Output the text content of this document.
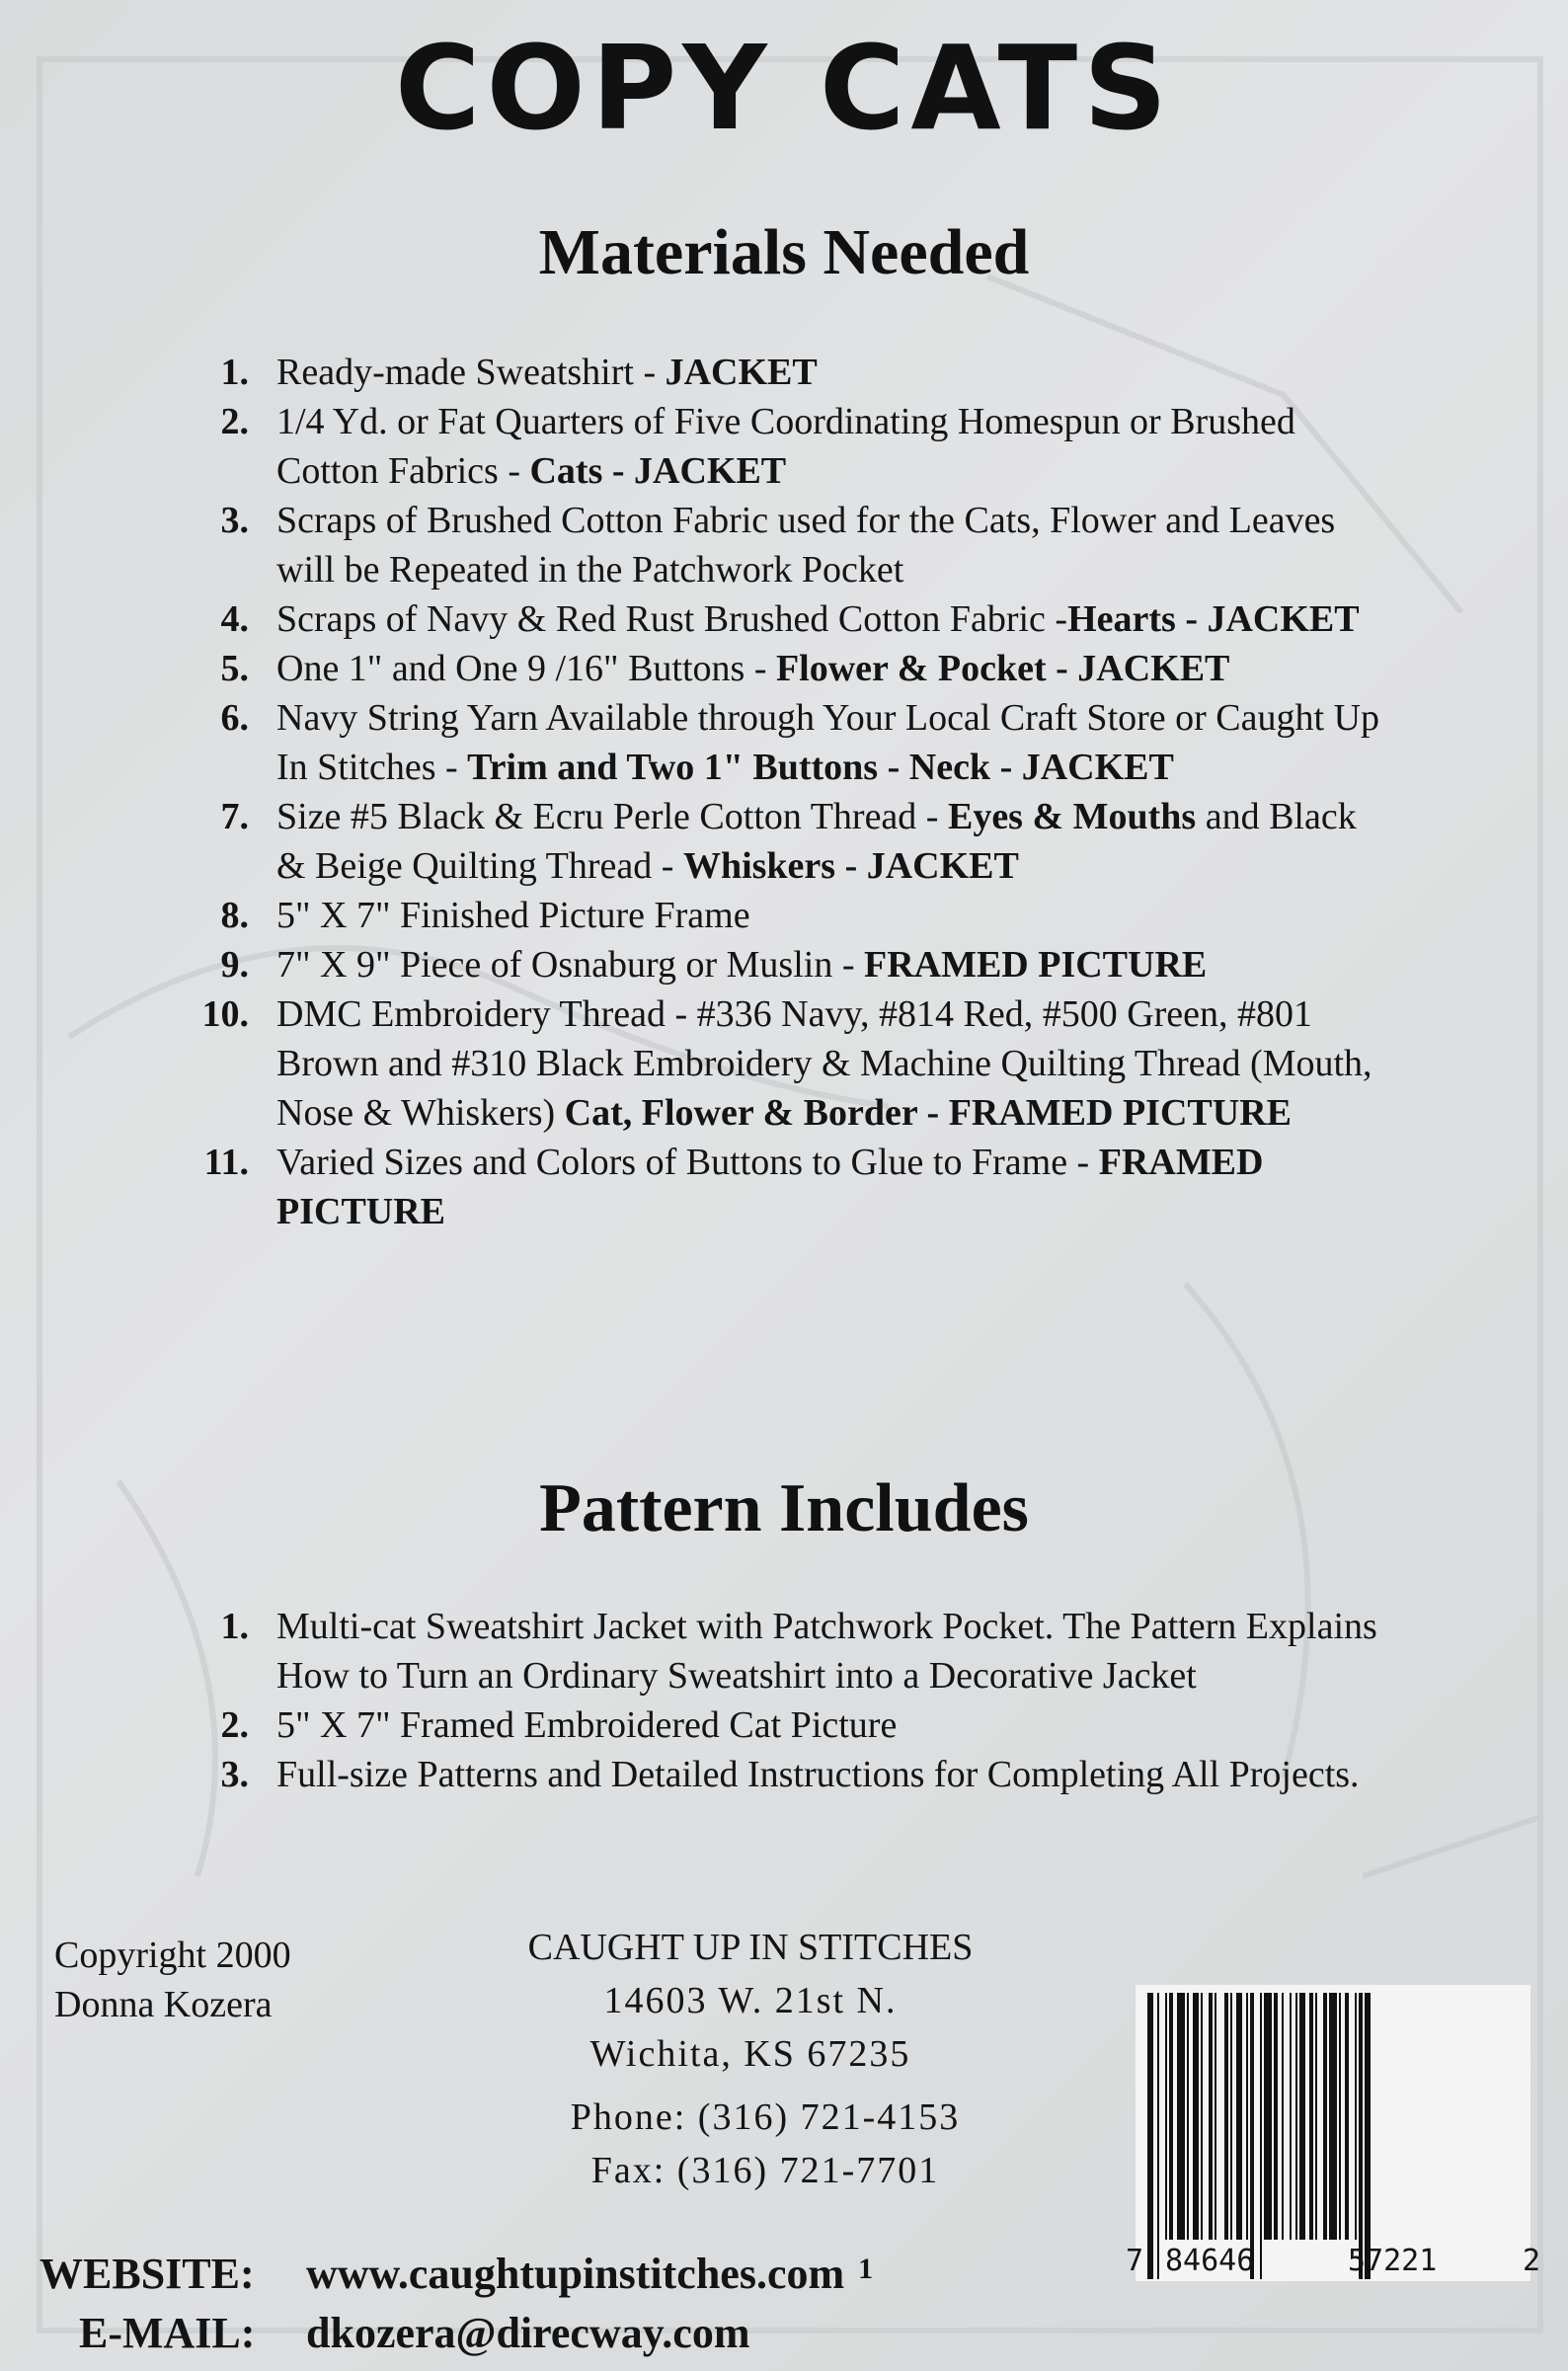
COPY CATS
Materials Needed
1. Ready-made Sweatshirt - JACKET
2. 1/4 Yd. or Fat Quarters of Five Coordinating Homespun or Brushed Cotton Fabrics - Cats - JACKET
3. Scraps of Brushed Cotton Fabric used for the Cats, Flower and Leaves will be Repeated in the Patchwork Pocket
4. Scraps of Navy & Red Rust Brushed Cotton Fabric -Hearts - JACKET
5. One 1" and One 9 /16" Buttons - Flower & Pocket - JACKET
6. Navy String Yarn Available through Your Local Craft Store or Caught Up In Stitches - Trim and Two 1" Buttons - Neck - JACKET
7. Size #5 Black & Ecru Perle Cotton Thread - Eyes & Mouths and Black & Beige Quilting Thread - Whiskers - JACKET
8. 5" X 7" Finished Picture Frame
9. 7" X 9" Piece of Osnaburg or Muslin - FRAMED PICTURE
10. DMC Embroidery Thread - #336 Navy, #814 Red, #500 Green, #801 Brown and #310 Black Embroidery & Machine Quilting Thread (Mouth, Nose & Whiskers) Cat, Flower & Border - FRAMED PICTURE
11. Varied Sizes and Colors of Buttons to Glue to Frame - FRAMED PICTURE
Pattern Includes
1. Multi-cat Sweatshirt Jacket with Patchwork Pocket. The Pattern Explains How to Turn an Ordinary Sweatshirt into a Decorative Jacket
2. 5" X 7" Framed Embroidered Cat Picture
3. Full-size Patterns and Detailed Instructions for Completing All Projects.
Copyright 2000
Donna Kozera
CAUGHT UP IN STITCHES
14603 W. 21st N.
Wichita, KS 67235
Phone: (316) 721-4153
Fax: (316) 721-7701
WEBSITE: www.caughtupinstitches.com $^1$
E-MAIL: dkozera@direcway.com
7 84646	57221	2
